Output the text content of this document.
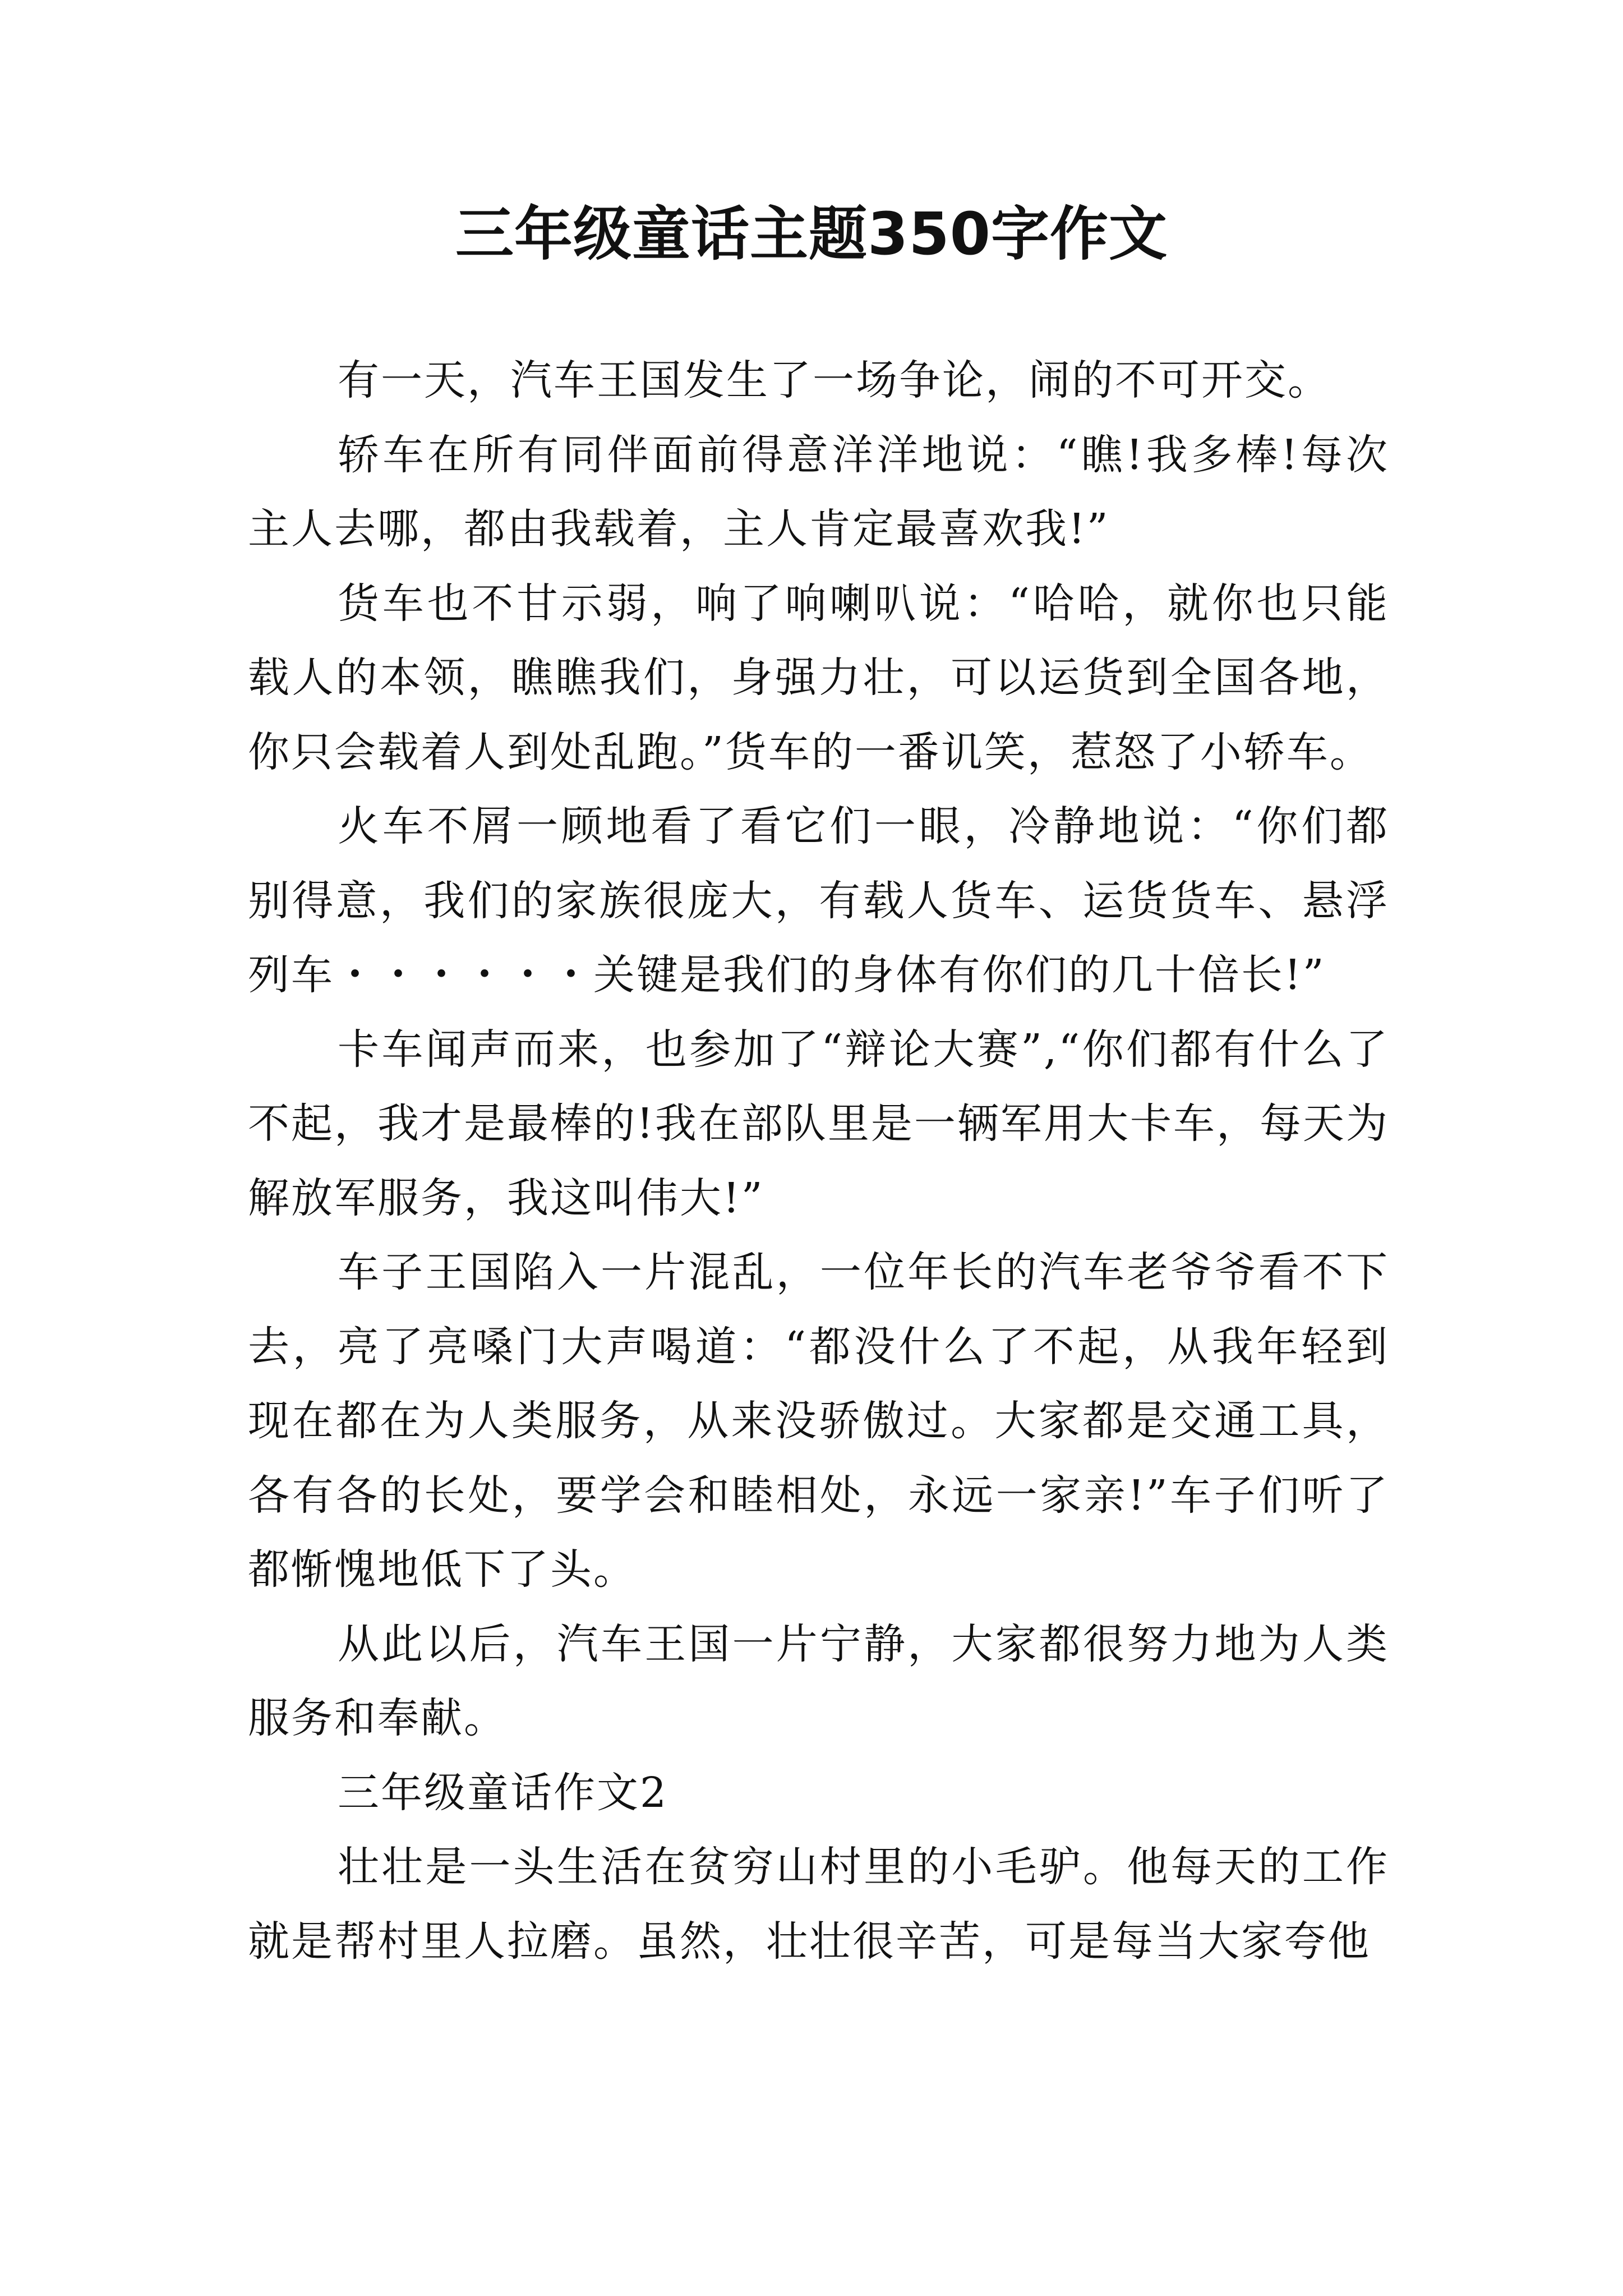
三年级童话主题350字作文

有一天，汽车王国发生了一场争论，闹的不可开交。

轿车在所有同伴面前得意洋洋地说：“瞧!我多棒!每次主人去哪，都由我载着，主人肯定最喜欢我!”

货车也不甘示弱，响了响喇叭说：“哈哈，就你也只能载人的本领，瞧瞧我们，身强力壮，可以运货到全国各地，你只会载着人到处乱跑。”货车的一番讥笑，惹怒了小轿车。

火车不屑一顾地看了看它们一眼，冷静地说：“你们都别得意，我们的家族很庞大，有载人货车、运货货车、悬浮列车・・・・・・关键是我们的身体有你们的几十倍长!”

卡车闻声而来，也参加了“辩论大赛”,“你们都有什么了不起，我才是最棒的!我在部队里是一辆军用大卡车，每天为解放军服务，我这叫伟大!”

车子王国陷入一片混乱，一位年长的汽车老爷爷看不下去，亮了亮嗓门大声喝道：“都没什么了不起，从我年轻到现在都在为人类服务，从来没骄傲过。大家都是交通工具，各有各的长处，要学会和睦相处，永远一家亲!”车子们听了都惭愧地低下了头。

从此以后，汽车王国一片宁静，大家都很努力地为人类服务和奉献。

三年级童话作文2

壮壮是一头生活在贫穷山村里的小毛驴。他每天的工作就是帮村里人拉磨。虽然，壮壮很辛苦，可是每当大家夸他
